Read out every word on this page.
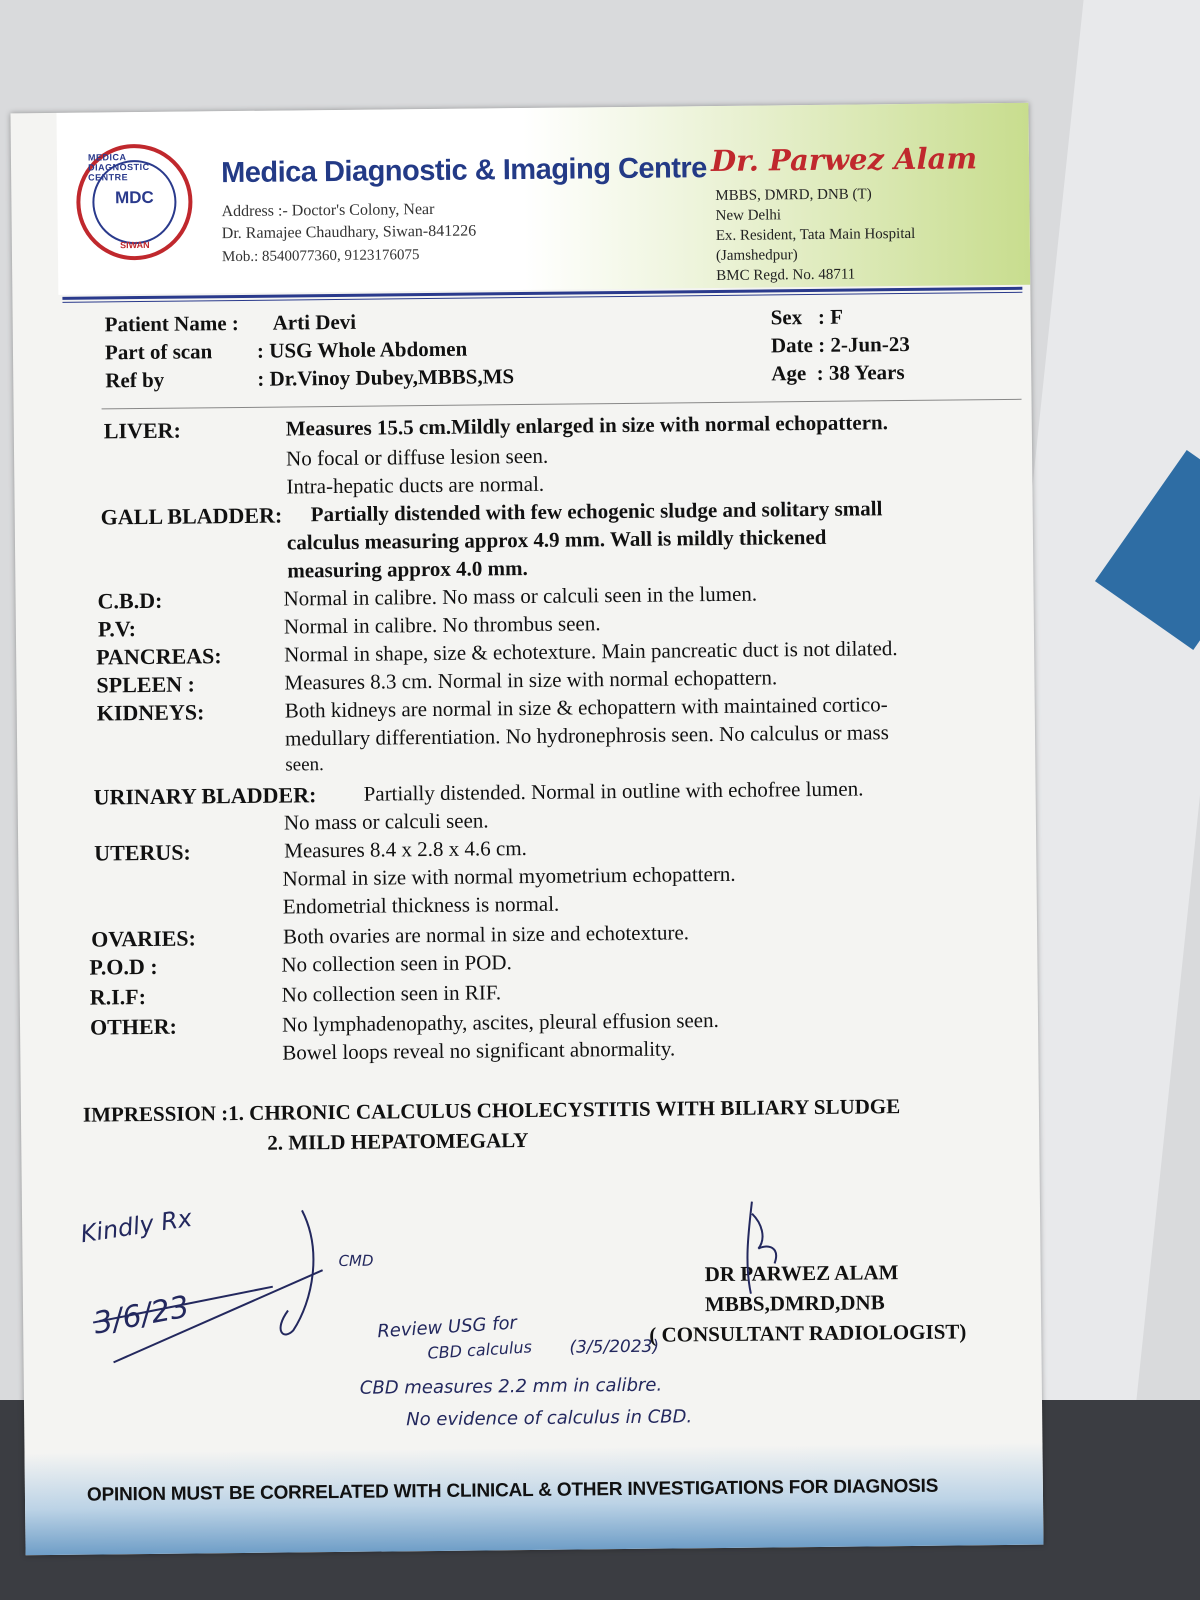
MEDICA DIAGNOSTIC CENTRE
MDC
SIWAN
Medica Diagnostic & Imaging Centre
Address :- Doctor's Colony, Near
Dr. Ramajee Chaudhary, Siwan-841226
Mob.: 8540077360, 9123176075
Dr. Parwez Alam
MBBS, DMRD, DNB (T)
New Delhi
Ex. Resident, Tata Main Hospital
(Jamshedpur)
BMC Regd. No. 48711
Patient Name : Arti Devi
Part of scan : USG Whole Abdomen
Ref by	: Dr.Vinoy Dubey,MBBS,MS
Sex   : F
Date : 2-Jun-23
Age  : 38 Years
LIVER:	Measures 15.5 cm.Mildly enlarged in size with normal echopattern.
No focal or diffuse lesion seen.
Intra-hepatic ducts are normal.
GALL BLADDER: Partially distended with few echogenic sludge and solitary small
calculus measuring approx 4.9 mm. Wall is mildly thickened
measuring approx 4.0 mm.
C.B.D:	Normal in calibre. No mass or calculi seen in the lumen.
P.V:	Normal in calibre. No thrombus seen.
PANCREAS:	Normal in shape, size & echotexture. Main pancreatic duct is not dilated.
SPLEEN :	Measures 8.3 cm. Normal in size with normal echopattern.
KIDNEYS:	Both kidneys are normal in size & echopattern with maintained cortico-
medullary differentiation. No hydronephrosis seen. No calculus or mass
seen.
URINARY BLADDER: Partially distended. Normal in outline with echofree lumen.
No mass or calculi seen.
UTERUS:	Measures 8.4 x 2.8 x 4.6 cm.
Normal in size with normal myometrium echopattern.
Endometrial thickness is normal.
OVARIES:	Both ovaries are normal in size and echotexture.
P.O.D :	No collection seen in POD.
R.I.F:	No collection seen in RIF.
OTHER:	No lymphadenopathy, ascites, pleural effusion seen.
Bowel loops reveal no significant abnormality.
IMPRESSION :1. CHRONIC CALCULUS CHOLECYSTITIS WITH BILIARY SLUDGE
2. MILD HEPATOMEGALY
DR PARWEZ ALAM
MBBS,DMRD,DNB
( CONSULTANT RADIOLOGIST)
Kindly Rx
3/6/23
CMD
Review USG for
CBD calculus (3/5/2023)
CBD measures 2.2 mm in calibre.
No evidence of calculus in CBD.
OPINION MUST BE CORRELATED WITH CLINICAL & OTHER INVESTIGATIONS FOR DIAGNOSIS
